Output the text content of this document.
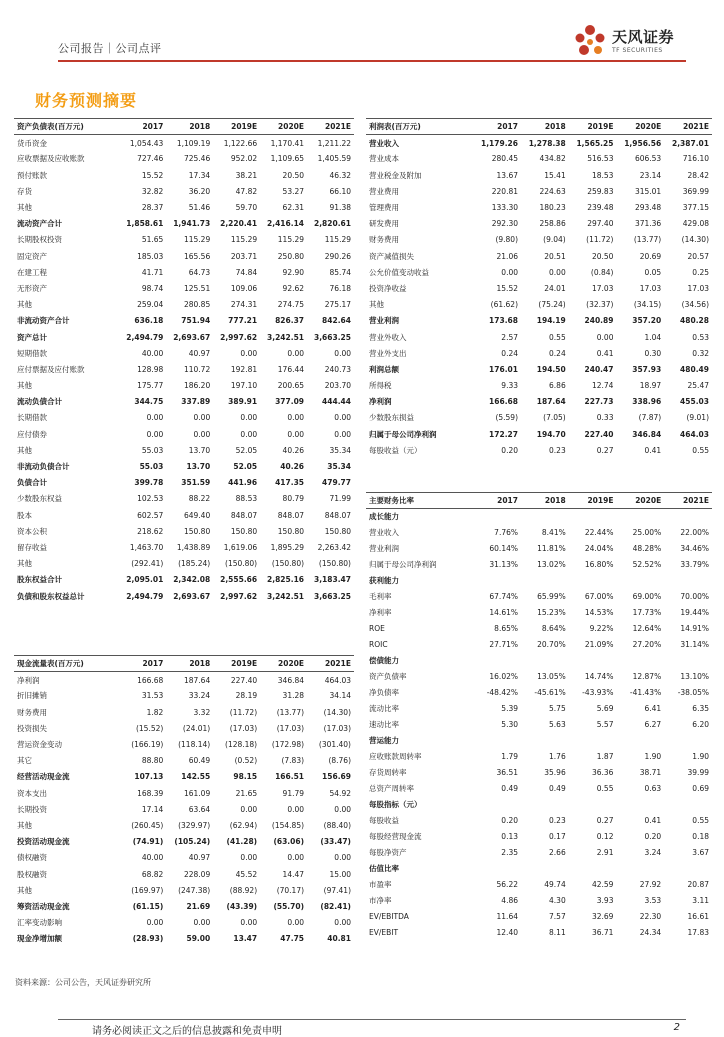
公司报告｜公司点评
天风证券
TF SECURITIES
财务预测摘要
资产负债表(百万元)	2017	2018	2019E	2020E	2021E
货币资金	1,054.43	1,109.19	1,122.66	1,170.41	1,211.22
应收票据及应收账款	727.46	725.46	952.02	1,109.65	1,405.59
预付账款	15.52	17.34	38.21	20.50	46.32
存货	32.82	36.20	47.82	53.27	66.10
其他	28.37	51.46	59.70	62.31	91.38
流动资产合计	1,858.61	1,941.73	2,220.41	2,416.14	2,820.61
长期股权投资	51.65	115.29	115.29	115.29	115.29
固定资产	185.03	165.56	203.71	250.80	290.26
在建工程	41.71	64.73	74.84	92.90	85.74
无形资产	98.74	125.51	109.06	92.62	76.18
其他	259.04	280.85	274.31	274.75	275.17
非流动资产合计	636.18	751.94	777.21	826.37	842.64
资产总计	2,494.79	2,693.67	2,997.62	3,242.51	3,663.25
短期借款	40.00	40.97	0.00	0.00	0.00
应付票据及应付账款	128.98	110.72	192.81	176.44	240.73
其他	175.77	186.20	197.10	200.65	203.70
流动负债合计	344.75	337.89	389.91	377.09	444.44
长期借款	0.00	0.00	0.00	0.00	0.00
应付债券	0.00	0.00	0.00	0.00	0.00
其他	55.03	13.70	52.05	40.26	35.34
非流动负债合计	55.03	13.70	52.05	40.26	35.34
负债合计	399.78	351.59	441.96	417.35	479.77
少数股东权益	102.53	88.22	88.53	80.79	71.99
股本	602.57	649.40	848.07	848.07	848.07
资本公积	218.62	150.80	150.80	150.80	150.80
留存收益	1,463.70	1,438.89	1,619.06	1,895.29	2,263.42
其他	(292.41)	(185.24)	(150.80)	(150.80)	(150.80)
股东权益合计	2,095.01	2,342.08	2,555.66	2,825.16	3,183.47
负债和股东权益总计	2,494.79	2,693.67	2,997.62	3,242.51	3,663.25
利润表(百万元)	2017	2018	2019E	2020E	2021E
营业收入	1,179.26	1,278.38	1,565.25	1,956.56	2,387.01
营业成本	280.45	434.82	516.53	606.53	716.10
营业税金及附加	13.67	15.41	18.53	23.14	28.42
营业费用	220.81	224.63	259.83	315.01	369.99
管理费用	133.30	180.23	239.48	293.48	377.15
研发费用	292.30	258.86	297.40	371.36	429.08
财务费用	(9.80)	(9.04)	(11.72)	(13.77)	(14.30)
资产减值损失	21.06	20.51	20.50	20.69	20.57
公允价值变动收益	0.00	0.00	(0.84)	0.05	0.25
投资净收益	15.52	24.01	17.03	17.03	17.03
其他	(61.62)	(75.24)	(32.37)	(34.15)	(34.56)
营业利润	173.68	194.19	240.89	357.20	480.28
营业外收入	2.57	0.55	0.00	1.04	0.53
营业外支出	0.24	0.24	0.41	0.30	0.32
利润总额	176.01	194.50	240.47	357.93	480.49
所得税	9.33	6.86	12.74	18.97	25.47
净利润	166.68	187.64	227.73	338.96	455.03
少数股东损益	(5.59)	(7.05)	0.33	(7.87)	(9.01)
归属于母公司净利润	172.27	194.70	227.40	346.84	464.03
每股收益（元）	0.20	0.23	0.27	0.41	0.55
主要财务比率	2017	2018	2019E	2020E	2021E
成长能力					
营业收入	7.76%	8.41%	22.44%	25.00%	22.00%
营业利润	60.14%	11.81%	24.04%	48.28%	34.46%
归属于母公司净利润	31.13%	13.02%	16.80%	52.52%	33.79%
获利能力					
毛利率	67.74%	65.99%	67.00%	69.00%	70.00%
净利率	14.61%	15.23%	14.53%	17.73%	19.44%
ROE	8.65%	8.64%	9.22%	12.64%	14.91%
ROIC	27.71%	20.70%	21.09%	27.20%	31.14%
偿债能力					
资产负债率	16.02%	13.05%	14.74%	12.87%	13.10%
净负债率	-48.42%	-45.61%	-43.93%	-41.43%	-38.05%
流动比率	5.39	5.75	5.69	6.41	6.35
速动比率	5.30	5.63	5.57	6.27	6.20
营运能力					
应收账款周转率	1.79	1.76	1.87	1.90	1.90
存货周转率	36.51	35.96	36.36	38.71	39.99
总资产周转率	0.49	0.49	0.55	0.63	0.69
每股指标（元）					
每股收益	0.20	0.23	0.27	0.41	0.55
每股经营现金流	0.13	0.17	0.12	0.20	0.18
每股净资产	2.35	2.66	2.91	3.24	3.67
估值比率					
市盈率	56.22	49.74	42.59	27.92	20.87
市净率	4.86	4.30	3.93	3.53	3.11
EV/EBITDA	11.64	7.57	32.69	22.30	16.61
EV/EBIT	12.40	8.11	36.71	24.34	17.83
现金流量表(百万元)	2017	2018	2019E	2020E	2021E
净利润	166.68	187.64	227.40	346.84	464.03
折旧摊销	31.53	33.24	28.19	31.28	34.14
财务费用	1.82	3.32	(11.72)	(13.77)	(14.30)
投资损失	(15.52)	(24.01)	(17.03)	(17.03)	(17.03)
营运资金变动	(166.19)	(118.14)	(128.18)	(172.98)	(301.40)
其它	88.80	60.49	(0.52)	(7.83)	(8.76)
经营活动现金流	107.13	142.55	98.15	166.51	156.69
资本支出	168.39	161.09	21.65	91.79	54.92
长期投资	17.14	63.64	0.00	0.00	0.00
其他	(260.45)	(329.97)	(62.94)	(154.85)	(88.40)
投资活动现金流	(74.91)	(105.24)	(41.28)	(63.06)	(33.47)
债权融资	40.00	40.97	0.00	0.00	0.00
股权融资	68.82	228.09	45.52	14.47	15.00
其他	(169.97)	(247.38)	(88.92)	(70.17)	(97.41)
筹资活动现金流	(61.15)	21.69	(43.39)	(55.70)	(82.41)
汇率变动影响	0.00	0.00	0.00	0.00	0.00
现金净增加额	(28.93)	59.00	13.47	47.75	40.81
资料来源：公司公告，天风证券研究所
请务必阅读正文之后的信息披露和免责申明	2
